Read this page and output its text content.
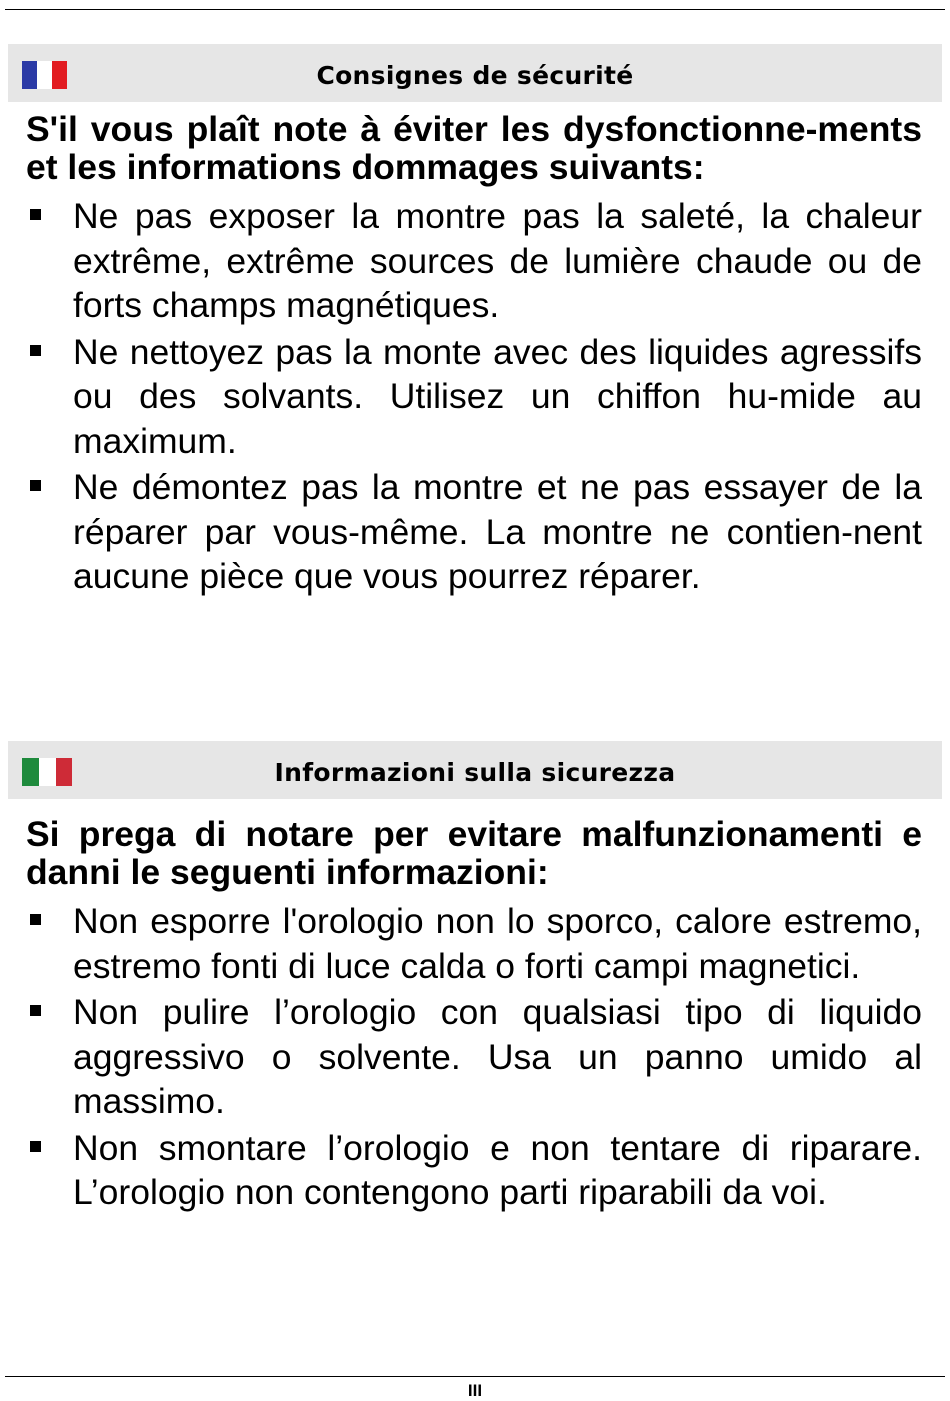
Consignes de sécurité
S'il vous plaît note à éviter les dysfonctionne-ments et les informations dommages suivants:
Ne pas exposer la montre pas la saleté, la chaleur extrême, extrême sources de lumière chaude ou de forts champs magnétiques.
Ne nettoyez pas la monte avec des liquides agressifs ou des solvants. Utilisez un chiffon hu-mide au maximum.
Ne démontez pas la montre et ne pas essayer de la réparer par vous-même. La montre ne contien-nent aucune pièce que vous pourrez réparer.
Informazioni sulla sicurezza
Si prega di notare per evitare malfunzionamenti e danni le seguenti informazioni:
Non esporre l'orologio non lo sporco, calore estremo, estremo fonti di luce calda o forti campi magnetici.
Non pulire l’orologio con qualsiasi tipo di liquido aggressivo o solvente. Usa un panno umido al massimo.
Non smontare l’orologio e non tentare di riparare. L’orologio non contengono parti riparabili da voi.
III
